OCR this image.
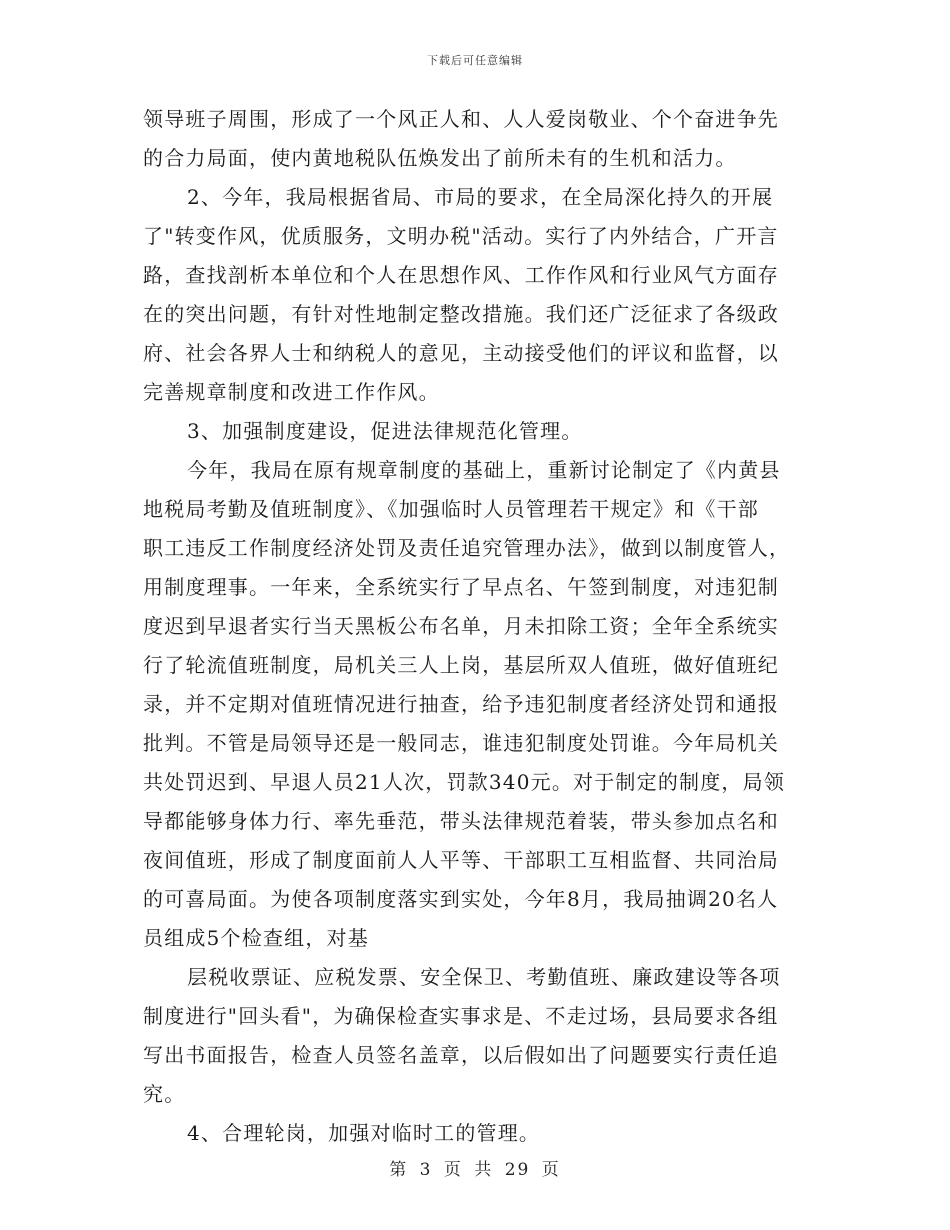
下载后可任意编辑
领导班子周围，形成了一个风正人和、人人爱岗敬业、个个奋进争先
的合力局面，使内黄地税队伍焕发出了前所未有的生机和活力。
2、今年，我局根据省局、市局的要求，在全局深化持久的开展
了"转变作风，优质服务，文明办税"活动。实行了内外结合，广开言
路，查找剖析本单位和个人在思想作风、工作作风和行业风气方面存
在的突出问题，有针对性地制定整改措施。我们还广泛征求了各级政
府、社会各界人士和纳税人的意见，主动接受他们的评议和监督，以
完善规章制度和改进工作作风。
3、加强制度建设，促进法律规范化管理。
今年，我局在原有规章制度的基础上，重新讨论制定了《内黄县
地税局考勤及值班制度》、《加强临时人员管理若干规定》和《干部
职工违反工作制度经济处罚及责任追究管理办法》，做到以制度管人，
用制度理事。一年来，全系统实行了早点名、午签到制度，对违犯制
度迟到早退者实行当天黑板公布名单，月未扣除工资；全年全系统实
行了轮流值班制度，局机关三人上岗，基层所双人值班，做好值班纪
录，并不定期对值班情况进行抽查，给予违犯制度者经济处罚和通报
批判。不管是局领导还是一般同志，谁违犯制度处罚谁。今年局机关
共处罚迟到、早退人员21人次，罚款340元。对于制定的制度，局领
导都能够身体力行、率先垂范，带头法律规范着装，带头参加点名和
夜间值班，形成了制度面前人人平等、干部职工互相监督、共同治局
的可喜局面。为使各项制度落实到实处，今年8月，我局抽调20名人
员组成5个检查组，对基
层税收票证、应税发票、安全保卫、考勤值班、廉政建设等各项
制度进行"回头看"，为确保检查实事求是、不走过场，县局要求各组
写出书面报告，检查人员签名盖章，以后假如出了问题要实行责任追
究。
4、合理轮岗，加强对临时工的管理。
第 3 页 共 29 页
